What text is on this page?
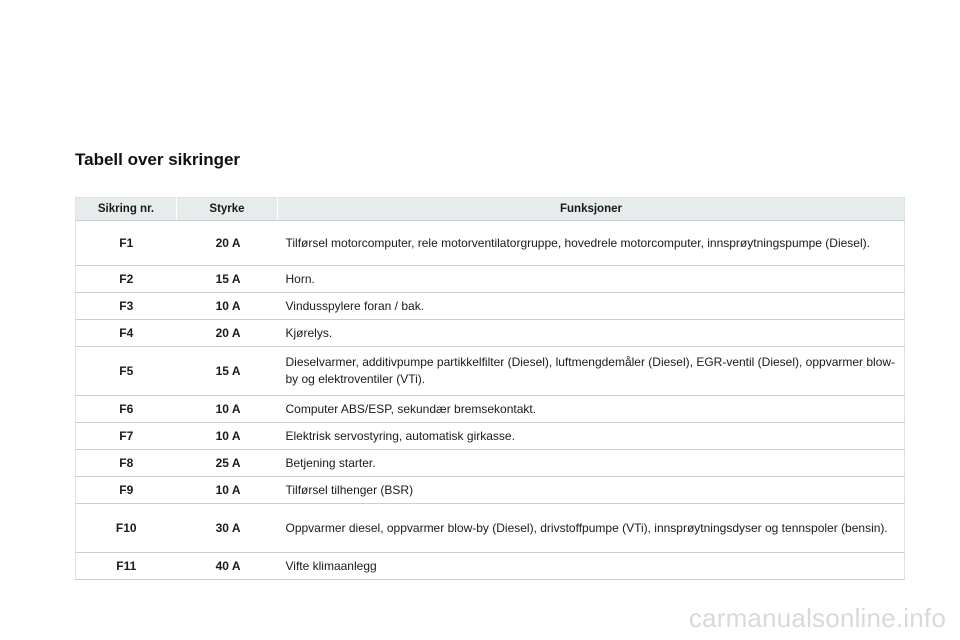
Tabell over sikringer
Sikring nr.	Styrke	Funksjoner
F1	20 A	Tilførsel motorcomputer, rele motorventilatorgruppe, hovedrele motorcomputer, innsprøytningspumpe (Diesel).
F2	15 A	Horn.
F3	10 A	Vindusspylere foran / bak.
F4	20 A	Kjørelys.
F5	15 A	Dieselvarmer, additivpumpe partikkelfilter (Diesel), luftmengdemåler (Diesel), EGR-ventil (Diesel), oppvarmer blow-by og elektroventiler (VTi).
F6	10 A	Computer ABS/ESP, sekundær bremsekontakt.
F7	10 A	Elektrisk servostyring, automatisk girkasse.
F8	25 A	Betjening starter.
F9	10 A	Tilførsel tilhenger (BSR)
F10	30 A	Oppvarmer diesel, oppvarmer blow-by (Diesel), drivstoffpumpe (VTi), innsprøytningsdyser og tennspoler (bensin).
F11	40 A	Vifte klimaanlegg
carmanualsonline.info
